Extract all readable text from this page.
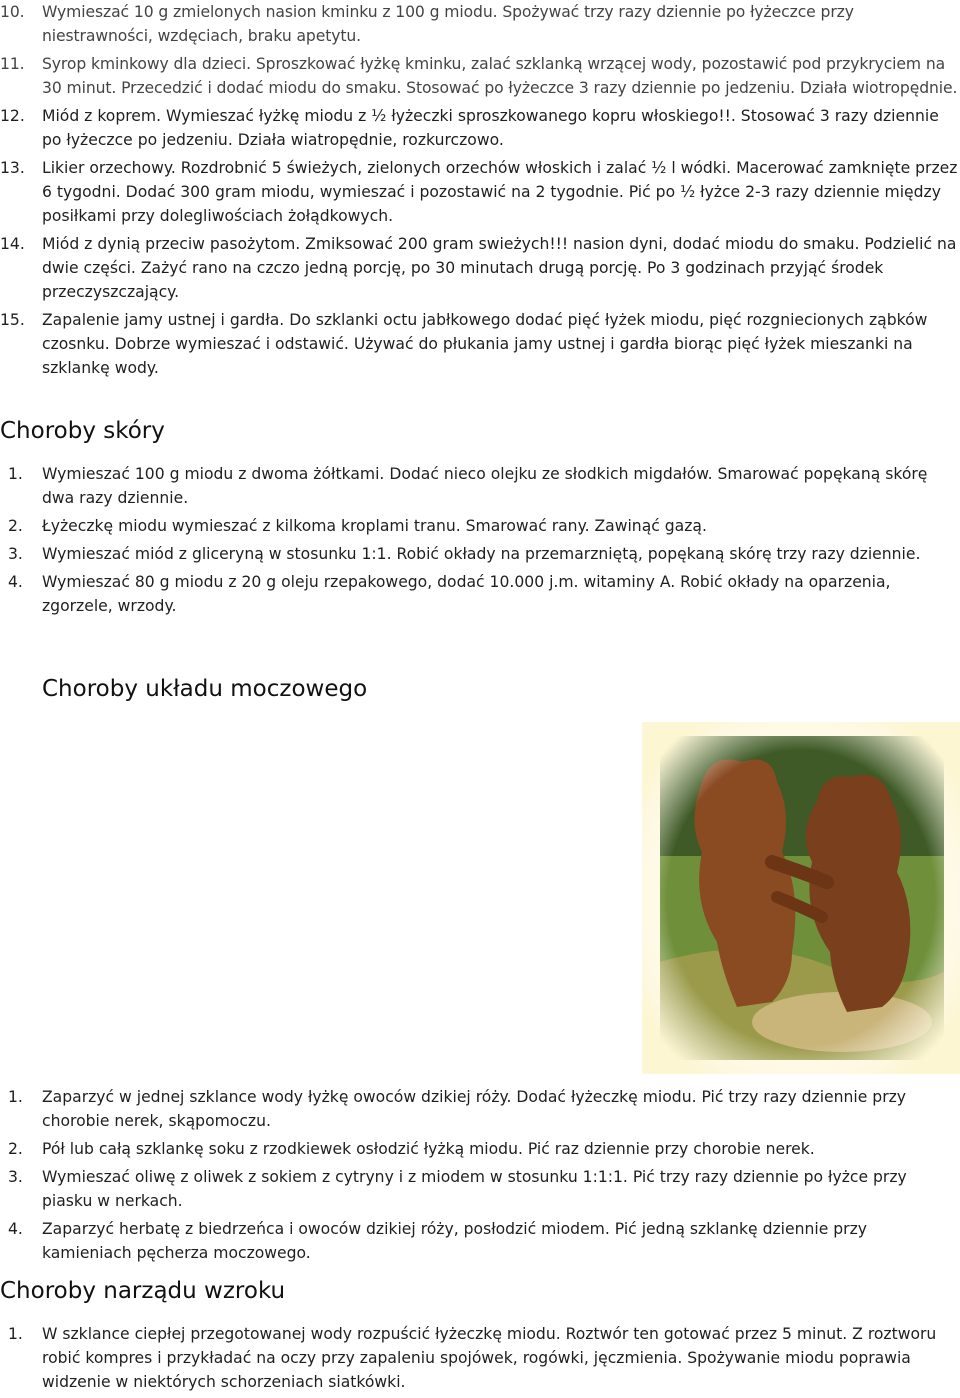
10. Wymieszać 10 g zmielonych nasion kminku z 100 g miodu. Spożywać trzy razy dziennie po łyżeczce przy niestrawności, wzdęciach, braku apetytu.
11. Syrop kminkowy dla dzieci. Sproszkować łyżkę kminku, zalać szklanką wrzącej wody, pozostawić pod przykryciem na 30 minut. Przecedzić i dodać miodu do smaku. Stosować po łyżeczce 3 razy dziennie po jedzeniu. Działa wiotropędnie.
12. Miód z koprem. Wymieszać łyżkę miodu z ½ łyżeczki sproszkowanego kopru włoskiego!!. Stosować 3 razy dziennie po łyżeczce po jedzeniu. Działa wiatropędnie, rozkurczowo.
13. Likier orzechowy. Rozdrobnić 5 świeżych, zielonych orzechów włoskich i zalać ½ l wódki. Macerować zamknięte przez 6 tygodni. Dodać 300 gram miodu, wymieszać i pozostawić na 2 tygodnie. Pić po ½ łyżce 2-3 razy dziennie między posiłkami przy dolegliwościach żołądkowych.
14. Miód z dynią przeciw pasożytom. Zmiksować 200 gram swieżych!!! nasion dyni, dodać miodu do smaku. Podzielić na dwie części. Zażyć rano na czczo jedną porcję, po 30 minutach drugą porcję. Po 3 godzinach przyjąć środek przeczyszczający.
15. Zapalenie jamy ustnej i gardła. Do szklanki octu jabłkowego dodać pięć łyżek miodu, pięć rozgniecionych ząbków czosnku. Dobrze wymieszać i odstawić. Używać do płukania jamy ustnej i gardła biorąc pięć łyżek mieszanki na szklankę wody.
Choroby skóry
1. Wymieszać 100 g miodu z dwoma żółtkami. Dodać nieco olejku ze słodkich migdałów. Smarować popękaną skórę dwa razy dziennie.
2. Łyżeczkę miodu wymieszać z kilkoma kroplami tranu. Smarować rany. Zawinąć gazą.
3. Wymieszać miód z gliceryną w stosunku 1:1. Robić okłady na przemarzniętą, popękaną skórę trzy razy dziennie.
4. Wymieszać 80 g miodu z 20 g oleju rzepakowego, dodać 10.000 j.m. witaminy A. Robić okłady na oparzenia, zgorzele, wrzody.
Choroby układu moczowego
1. Zaparzyć w jednej szklance wody łyżkę owoców dzikiej róży. Dodać łyżeczkę miodu. Pić trzy razy dziennie przy chorobie nerek, skąpomoczu.
2. Pół lub całą szklankę soku z rzodkiewek osłodzić łyżką miodu. Pić raz dziennie przy chorobie nerek.
3. Wymieszać oliwę z oliwek z sokiem z cytryny i z miodem w stosunku 1:1:1. Pić trzy razy dziennie po łyżce przy piasku w nerkach.
4. Zaparzyć herbatę z biedrzeńca i owoców dzikiej róży, posłodzić miodem. Pić jedną szklankę dziennie przy kamieniach pęcherza moczowego.
Choroby narządu wzroku
1. W szklance ciepłej przegotowanej wody rozpuścić łyżeczkę miodu. Roztwór ten gotować przez 5 minut. Z roztworu robić kompres i przykładać na oczy przy zapaleniu spojówek, rogówki, jęczmienia. Spożywanie miodu poprawia widzenie w niektórych schorzeniach siatkówki.
